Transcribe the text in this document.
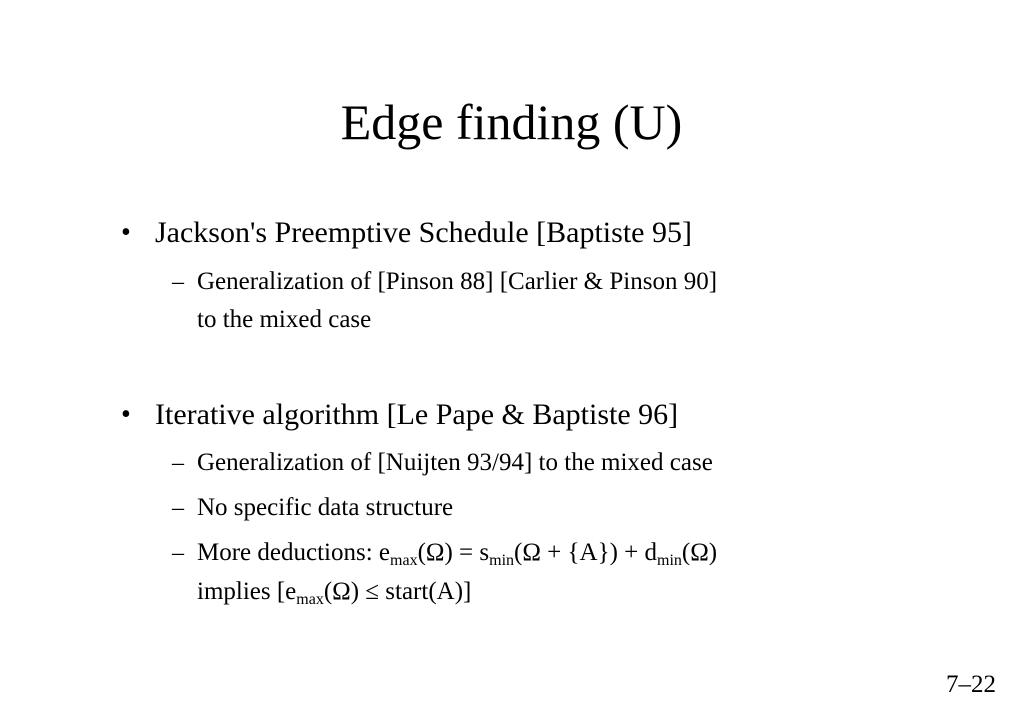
Edge finding (U)
• Jackson's Preemptive Schedule [Baptiste 95]
– Generalization of [Pinson 88] [Carlier & Pinson 90]
to the mixed case
• Iterative algorithm [Le Pape & Baptiste 96]
– Generalization of [Nuijten 93/94] to the mixed case
– No specific data structure
– More deductions: $e_{max}(\Omega) = s_{min}(\Omega + \{A\}) + d_{min}(\Omega)$
implies [$e_{max}(\Omega)$ ≤ start(A)]
7–22
